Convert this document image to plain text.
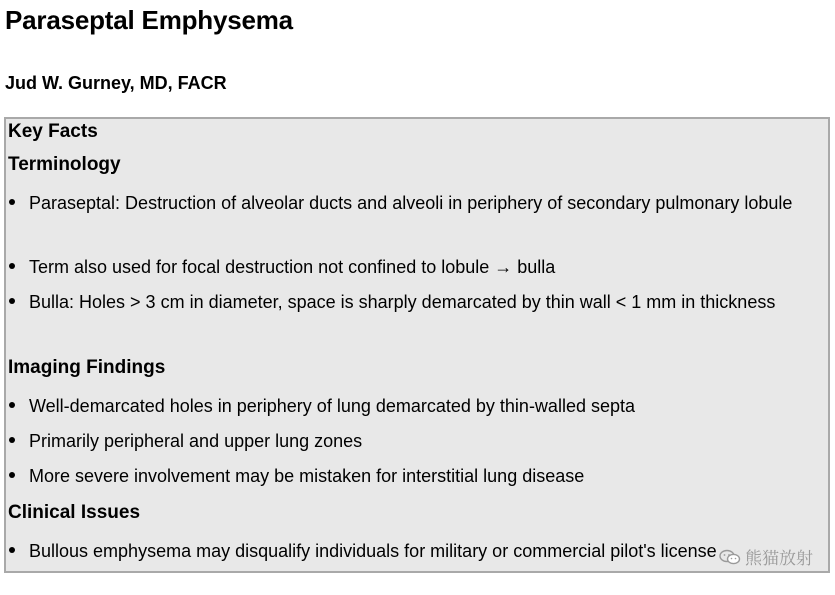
Paraseptal Emphysema

Jud W. Gurney, MD, FACR

Key Facts

Terminology

Paraseptal: Destruction of alveolar ducts and alveoli in periphery of secondary pulmonary lobule

Term also used for focal destruction not confined to lobule → bulla

Bulla: Holes > 3 cm in diameter, space is sharply demarcated by thin wall < 1 mm in thickness

Imaging Findings

Well-demarcated holes in periphery of lung demarcated by thin-walled septa

Primarily peripheral and upper lung zones

More severe involvement may be mistaken for interstitial lung disease

Clinical Issues

Bullous emphysema may disqualify individuals for military or commercial pilot's license	熊猫放射
